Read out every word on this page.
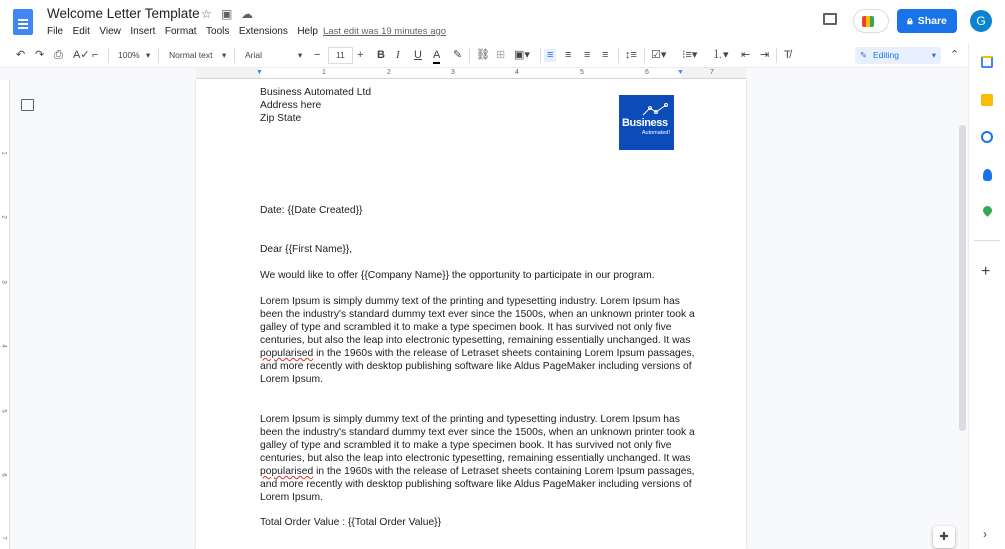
Welcome Letter Template ☆ ▣ ☁
File Edit View Insert Format Tools Extensions Help Last edit was 19 minutes ago
🔒︎ Share	G
↶ ↷ ⎙ A✓ ⌐ 100% ▾ Normal text ▾ Arial	▾ −	11	+ B I U A ✎ ⛓ ⊞ ▣▾ ≡ ≡ ≡ ≡ ↕≡ ☑▾ ⁝≡▾ ⒈▾ ⇤ ⇥ T̸	✎ Editing	▾ ⌃
▼	▼
1	2	3	4	5	6	7
1
2
3
4
5
6
7
Business Automated Ltd
Address here
Zip State	Business
Automated!
Date: {{Date Created}}
Dear {{First Name}},
We would like to offer {{Company Name}} the opportunity to participate in our program.
Lorem Ipsum is simply dummy text of the printing and typesetting industry. Lorem Ipsum has
been the industry's standard dummy text ever since the 1500s, when an unknown printer took a
galley of type and scrambled it to make a type specimen book. It has survived not only five
centuries, but also the leap into electronic typesetting, remaining essentially unchanged. It was
popularised in the 1960s with the release of Letraset sheets containing Lorem Ipsum passages,
and more recently with desktop publishing software like Aldus PageMaker including versions of
Lorem Ipsum.
Lorem Ipsum is simply dummy text of the printing and typesetting industry. Lorem Ipsum has
been the industry's standard dummy text ever since the 1500s, when an unknown printer took a
galley of type and scrambled it to make a type specimen book. It has survived not only five
centuries, but also the leap into electronic typesetting, remaining essentially unchanged. It was
popularised in the 1960s with the release of Letraset sheets containing Lorem Ipsum passages,
and more recently with desktop publishing software like Aldus PageMaker including versions of
Lorem Ipsum.
Total Order Value : {{Total Order Value}}
✚
+
›
